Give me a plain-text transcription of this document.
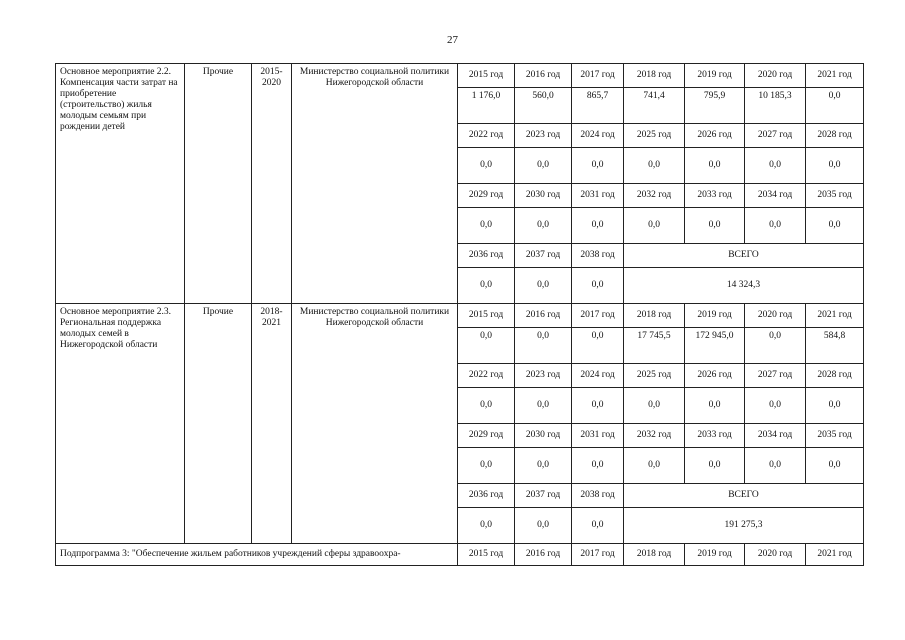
27
Основное мероприятие 2.2. Компенсация части затрат на приобретение (строительство) жилья молодым семьям при рождении детей	Прочие	2015-2020	Министерство социальной политики Нижегородской области	2015 год	2016 год	2017 год	2018 год	2019 год	2020 год	2021 год
				1 176,0	560,0	865,7	741,4	795,9	10 185,3	0,0
				2022 год	2023 год	2024 год	2025 год	2026 год	2027 год	2028 год
				0,0	0,0	0,0	0,0	0,0	0,0	0,0
				2029 год	2030 год	2031 год	2032 год	2033 год	2034 год	2035 год
				0,0	0,0	0,0	0,0	0,0	0,0	0,0
				2036 год	2037 год	2038 год	ВСЕГО			
				0,0	0,0	0,0	14 324,3			
Основное мероприятие 2.3. Региональная поддержка молодых семей в Нижегородской области	Прочие	2018-2021	Министерство социальной политики Нижегородской области	2015 год	2016 год	2017 год	2018 год	2019 год	2020 год	2021 год
				0,0	0,0	0,0	17 745,5	172 945,0	0,0	584,8
				2022 год	2023 год	2024 год	2025 год	2026 год	2027 год	2028 год
				0,0	0,0	0,0	0,0	0,0	0,0	0,0
				2029 год	2030 год	2031 год	2032 год	2033 год	2034 год	2035 год
				0,0	0,0	0,0	0,0	0,0	0,0	0,0
				2036 год	2037 год	2038 год	ВСЕГО			
				0,0	0,0	0,0	191 275,3			
Подпрограмма 3: "Обеспечение жильем работников учреждений сферы здравоохра-				2015 год	2016 год	2017 год	2018 год	2019 год	2020 год	2021 год
